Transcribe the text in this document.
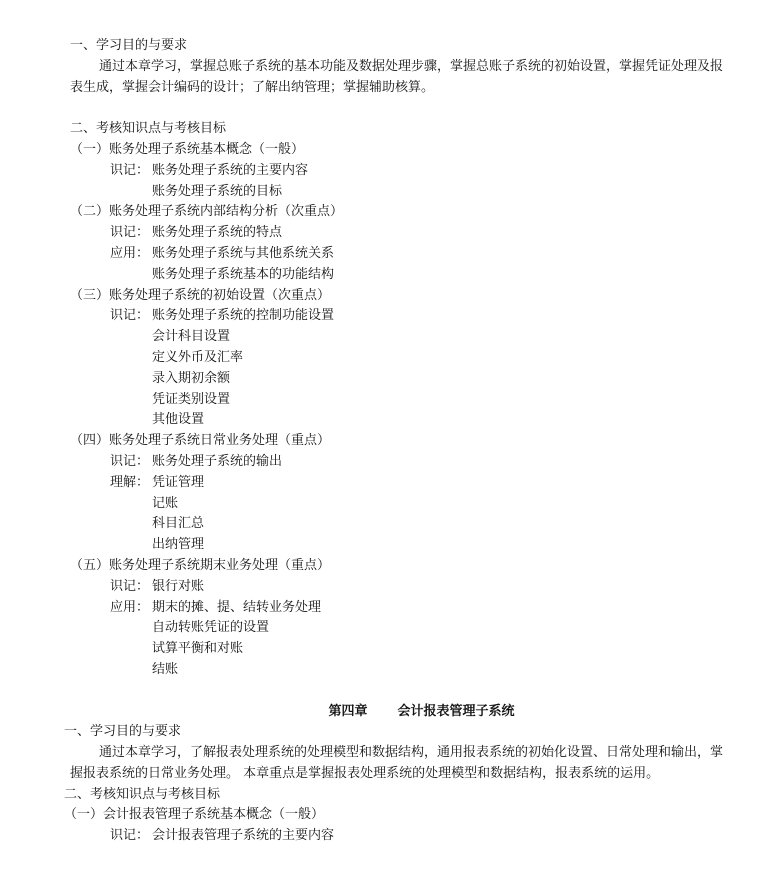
一、学习目的与要求
通过本章学习，掌握总账子系统的基本功能及数据处理步骤，掌握总账子系统的初始设置，掌握凭证处理及报
表生成，掌握会计编码的设计；了解出纳管理；掌握辅助核算。
二、考核知识点与考核目标
（一）账务处理子系统基本概念（一般）
识记： 账务处理子系统的主要内容
账务处理子系统的目标
（二）账务处理子系统内部结构分析（次重点）
识记： 账务处理子系统的特点
应用： 账务处理子系统与其他系统关系
账务处理子系统基本的功能结构
（三）账务处理子系统的初始设置（次重点）
识记： 账务处理子系统的控制功能设置
会计科目设置
定义外币及汇率
录入期初余额
凭证类别设置
其他设置
（四）账务处理子系统日常业务处理（重点）
识记： 账务处理子系统的输出
理解： 凭证管理
记账
科目汇总
出纳管理
（五）账务处理子系统期末业务处理（重点）
识记： 银行对账
应用： 期末的摊、提、结转业务处理
自动转账凭证的设置
试算平衡和对账
结账
第四章 会计报表管理子系统
一、学习目的与要求
通过本章学习，了解报表处理系统的处理模型和数据结构，通用报表系统的初始化设置、日常处理和输出，掌
握报表系统的日常业务处理。 本章重点是掌握报表处理系统的处理模型和数据结构，报表系统的运用。
二、考核知识点与考核目标
（一）会计报表管理子系统基本概念（一般）
识记： 会计报表管理子系统的主要内容
